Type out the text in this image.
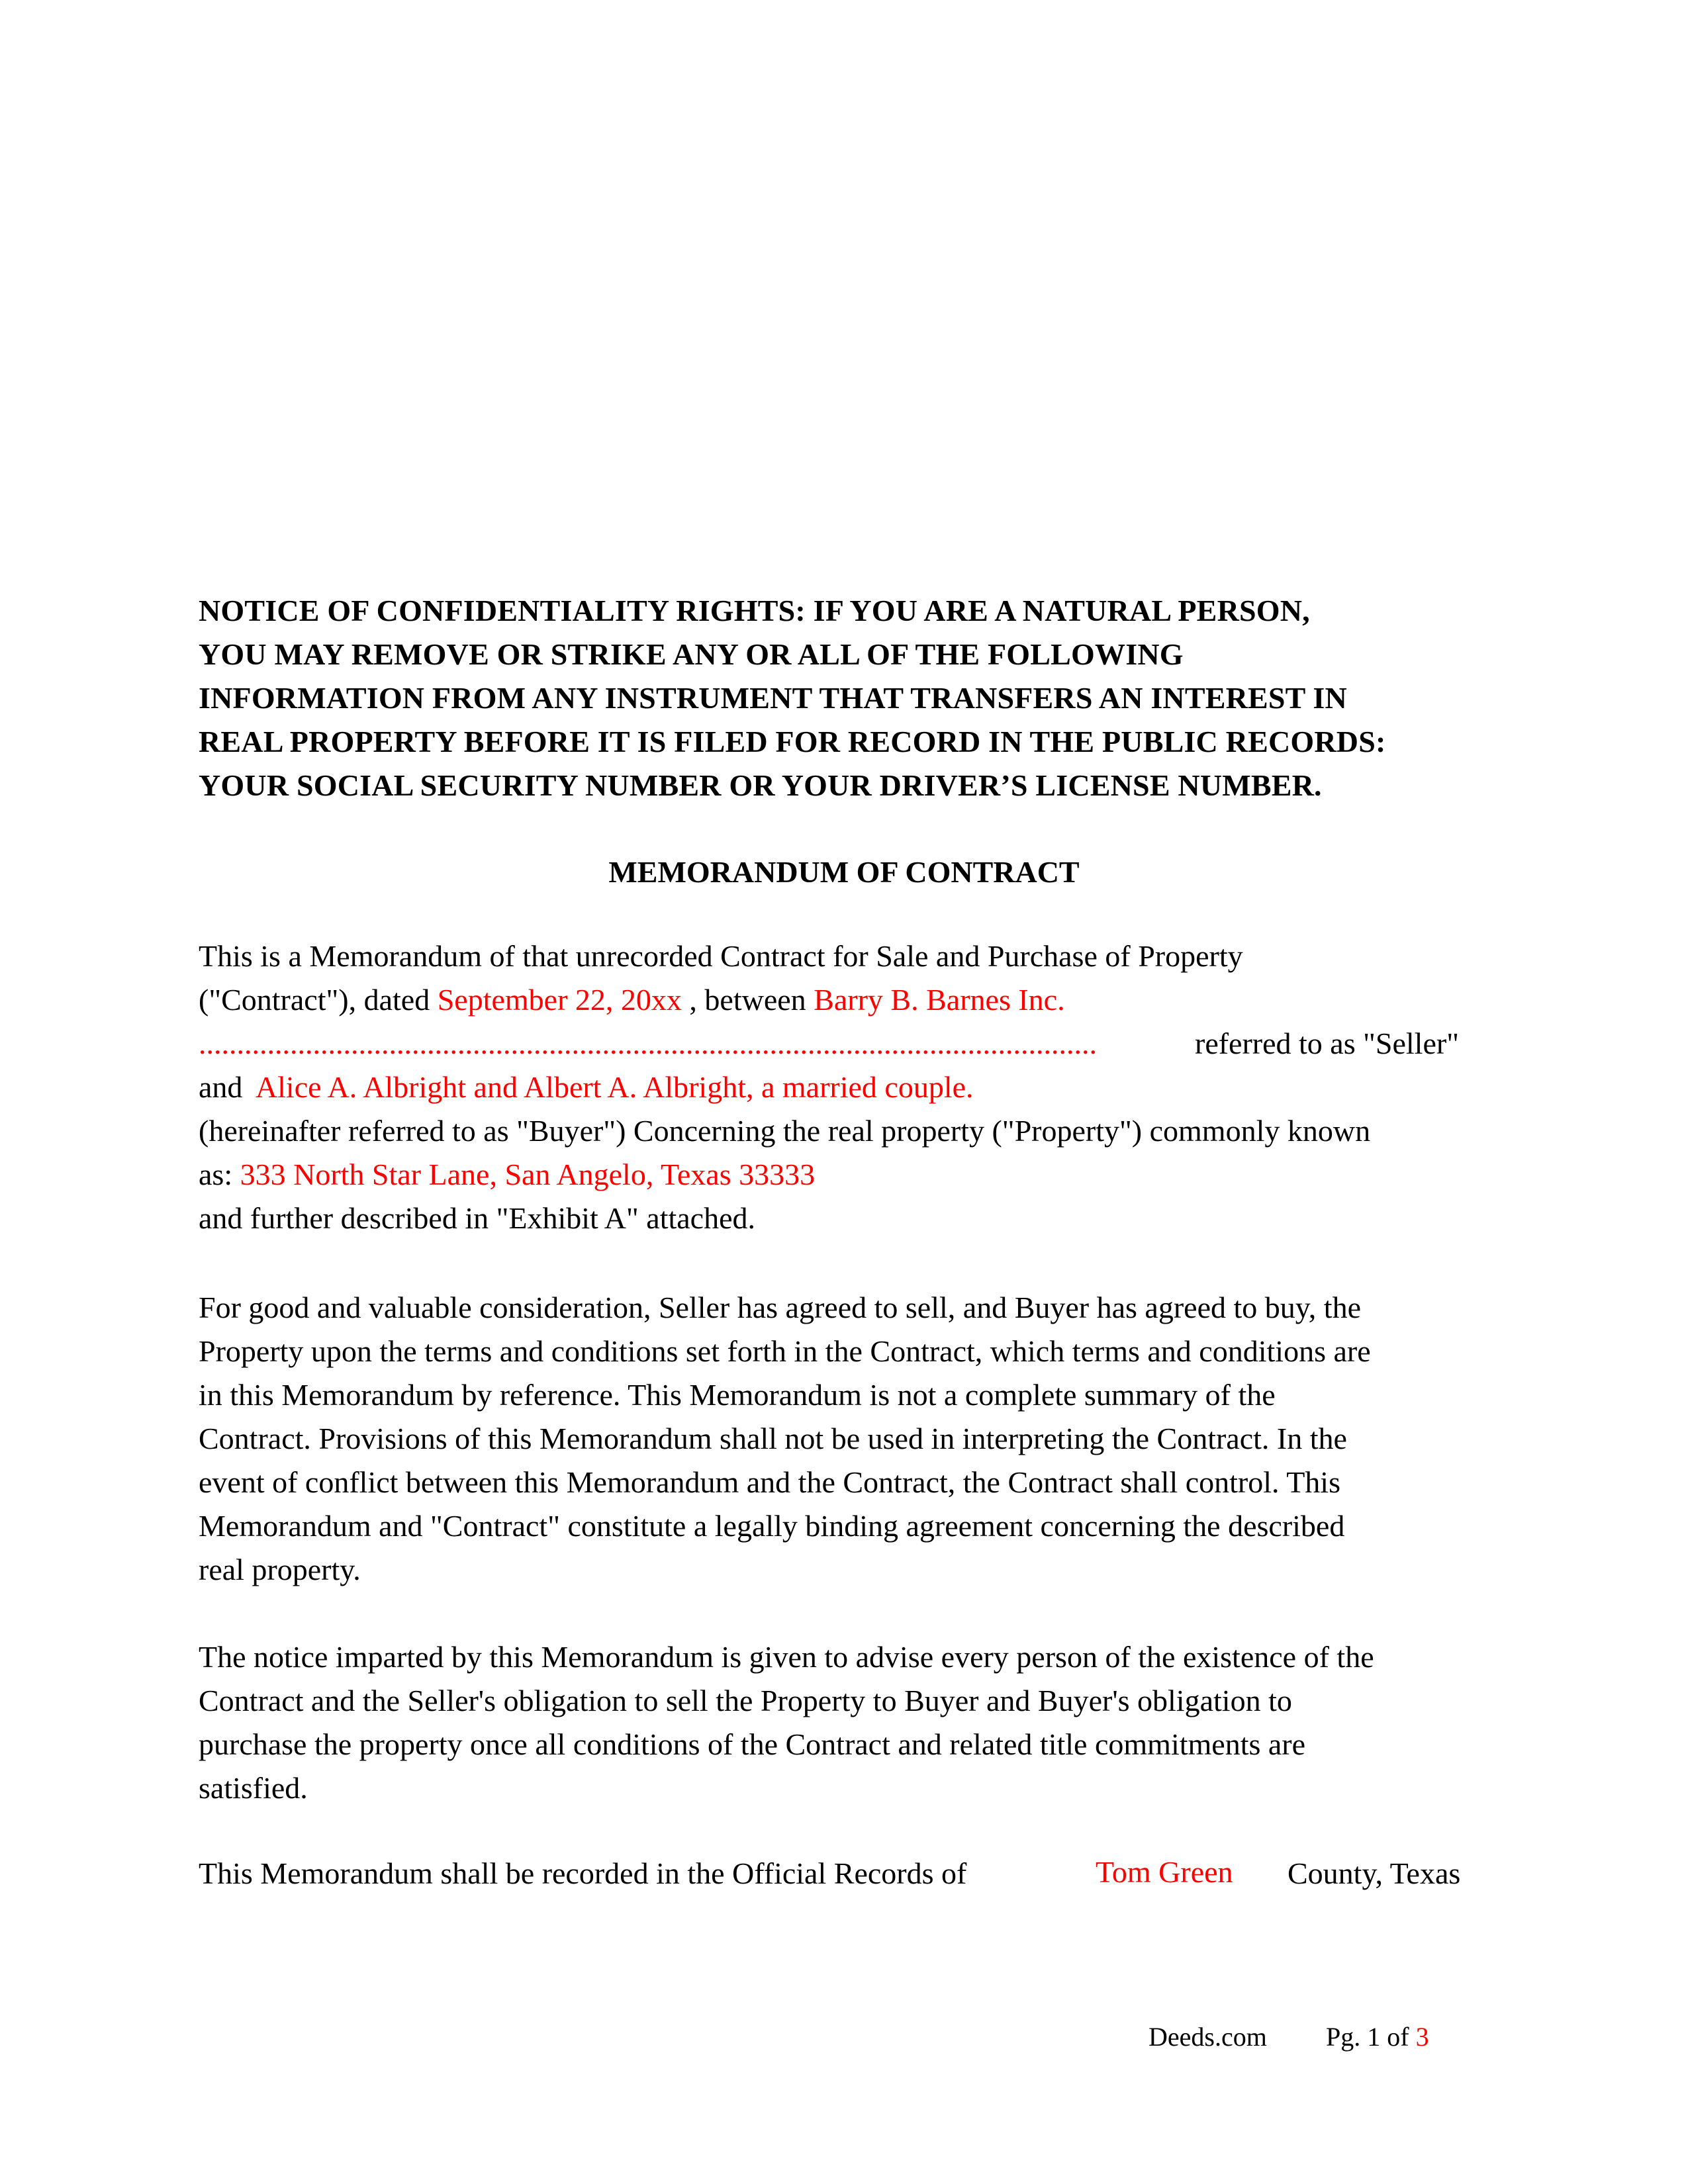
NOTICE OF CONFIDENTIALITY RIGHTS: IF YOU ARE A NATURAL PERSON,
YOU MAY REMOVE OR STRIKE ANY OR ALL OF THE FOLLOWING
INFORMATION FROM ANY INSTRUMENT THAT TRANSFERS AN INTEREST IN
REAL PROPERTY BEFORE IT IS FILED FOR RECORD IN THE PUBLIC RECORDS:
YOUR SOCIAL SECURITY NUMBER OR YOUR DRIVER’S LICENSE NUMBER.
MEMORANDUM OF CONTRACT
This is a Memorandum of that unrecorded Contract for Sale and Purchase of Property
("Contract"), dated September 22, 20xx , between Barry B. Barnes Inc.
......................................................................................................................	referred to as "Seller"
and Alice A. Albright and Albert A. Albright, a married couple.
(hereinafter referred to as "Buyer") Concerning the real property ("Property") commonly known
as: 333 North Star Lane, San Angelo, Texas 33333
and further described in "Exhibit A" attached.
For good and valuable consideration, Seller has agreed to sell, and Buyer has agreed to buy, the
Property upon the terms and conditions set forth in the Contract, which terms and conditions are
in this Memorandum by reference. This Memorandum is not a complete summary of the
Contract. Provisions of this Memorandum shall not be used in interpreting the Contract. In the
event of conflict between this Memorandum and the Contract, the Contract shall control. This
Memorandum and "Contract" constitute a legally binding agreement concerning the described
real property.
The notice imparted by this Memorandum is given to advise every person of the existence of the
Contract and the Seller's obligation to sell the Property to Buyer and Buyer's obligation to
purchase the property once all conditions of the Contract and related title commitments are
satisfied.
This Memorandum shall be recorded in the Official Records of	Tom Green County, Texas
Deeds.com Pg. 1 of 3
